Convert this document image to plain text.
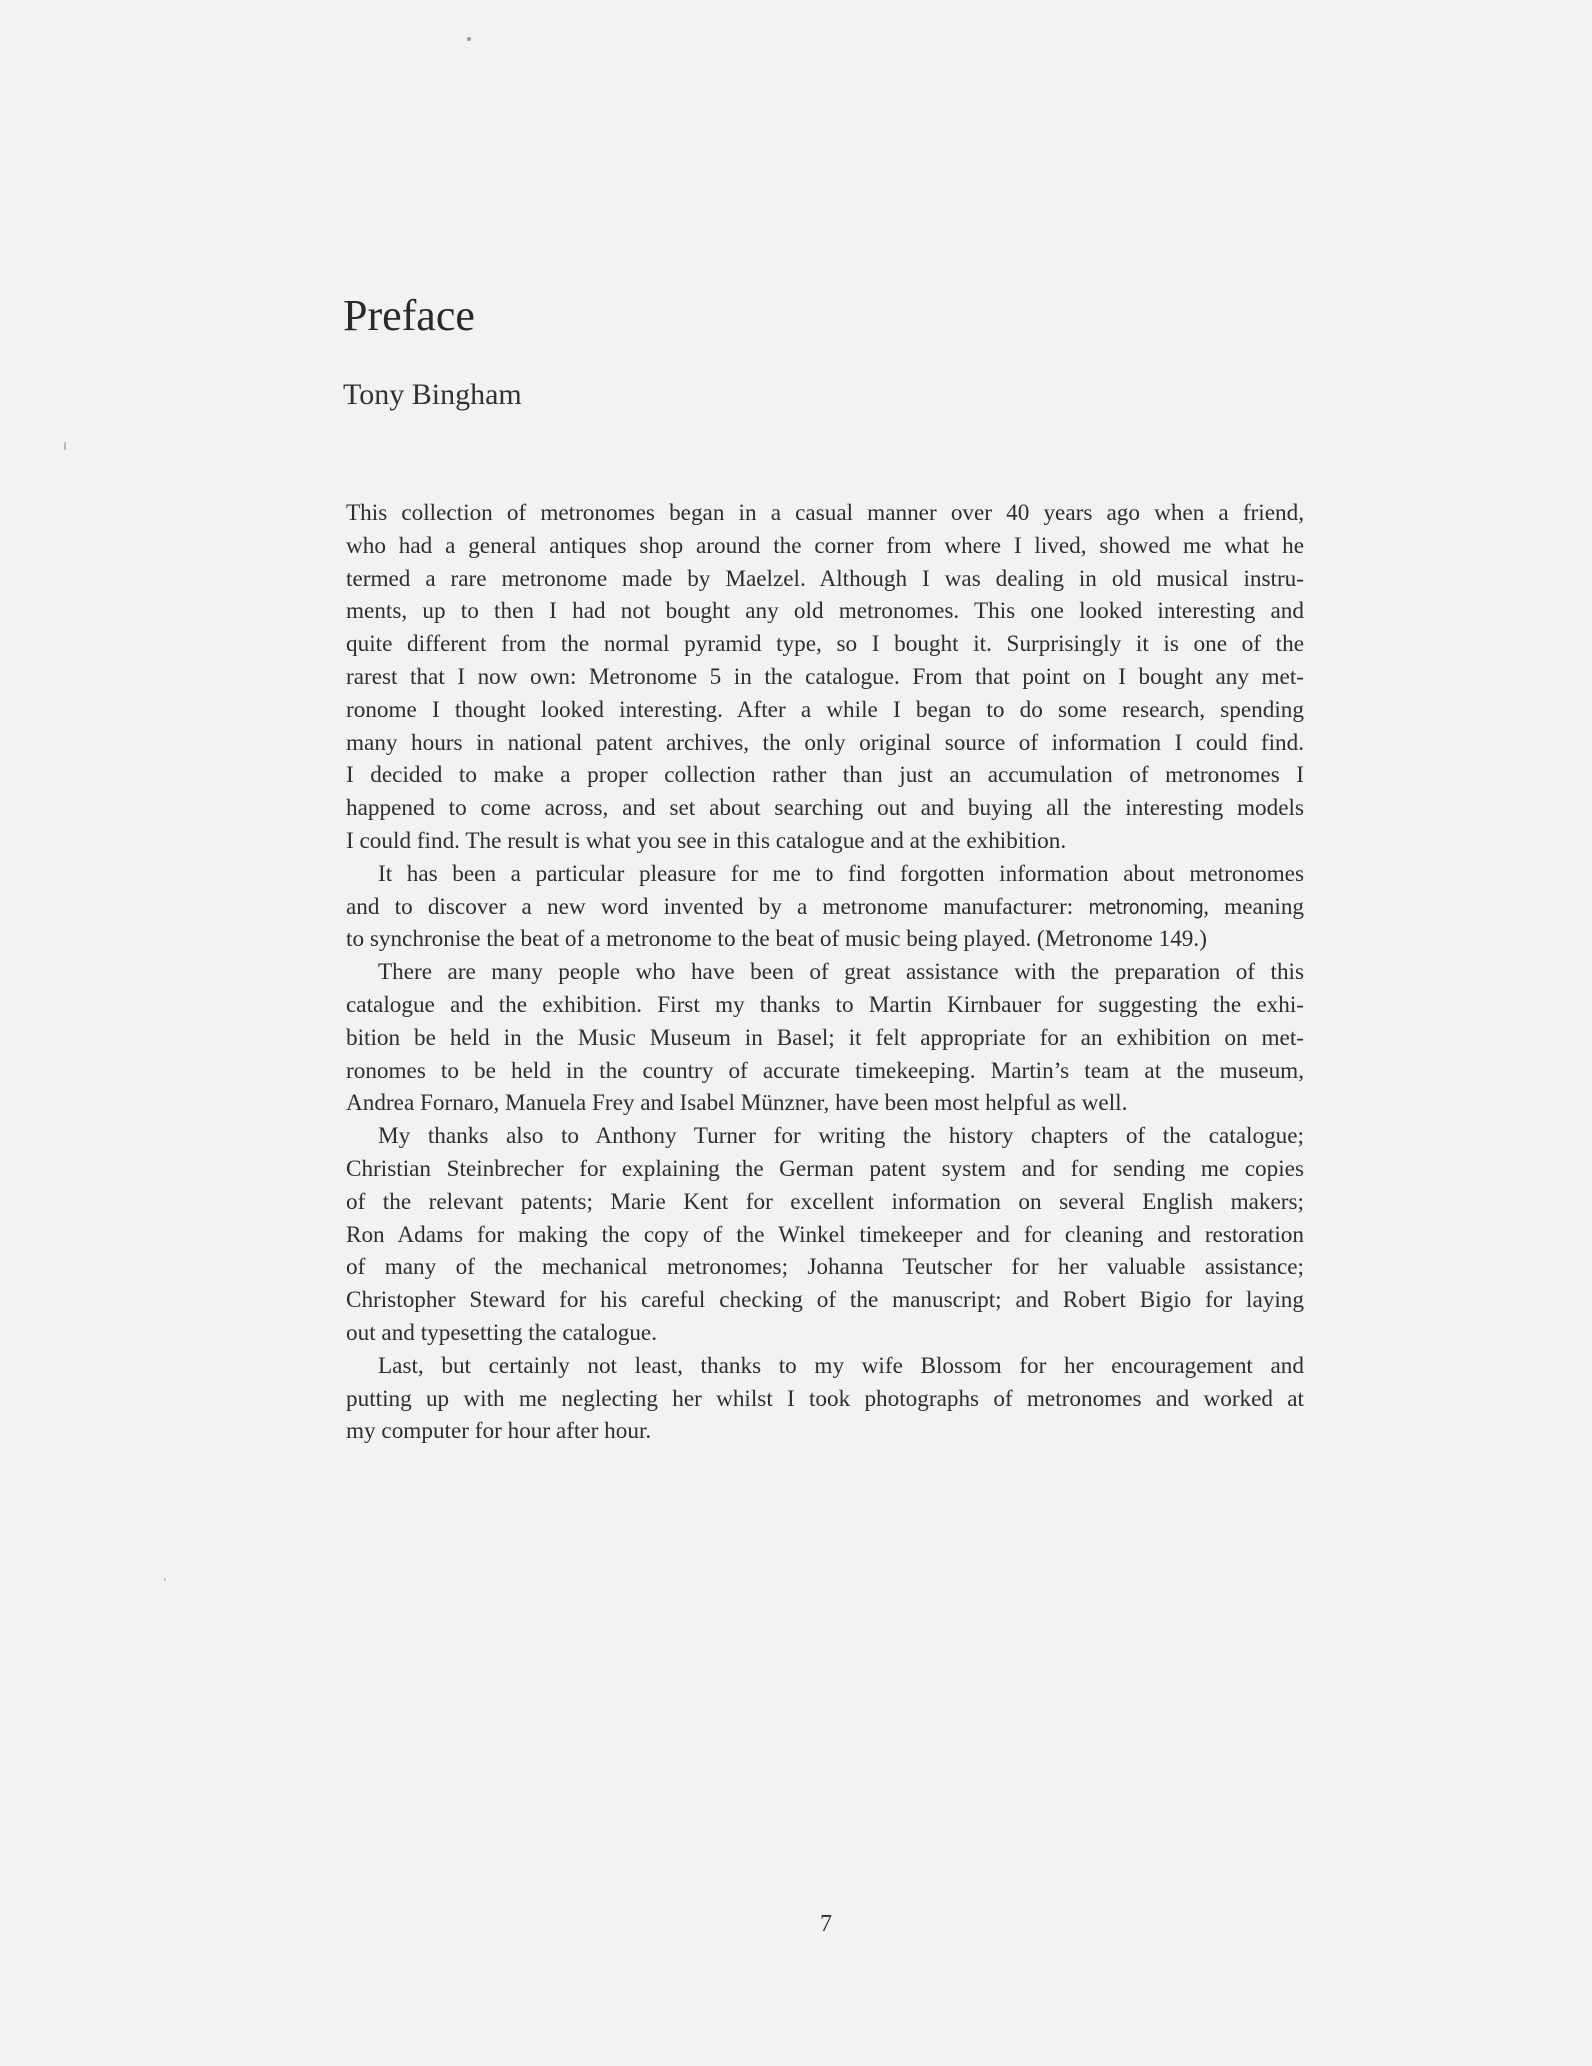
Preface
Tony Bingham
This collection of metronomes began in a casual manner over 40 years ago when a friend,
who had a general antiques shop around the corner from where I lived, showed me what he
termed a rare metronome made by Maelzel. Although I was dealing in old musical instru-
ments, up to then I had not bought any old metronomes. This one looked interesting and
quite different from the normal pyramid type, so I bought it. Surprisingly it is one of the
rarest that I now own: Metronome 5 in the catalogue. From that point on I bought any met-
ronome I thought looked interesting. After a while I began to do some research, spending
many hours in national patent archives, the only original source of information I could find.
I decided to make a proper collection rather than just an accumulation of metronomes I
happened to come across, and set about searching out and buying all the interesting models
I could find. The result is what you see in this catalogue and at the exhibition.
It has been a particular pleasure for me to find forgotten information about metronomes
and to discover a new word invented by a metronome manufacturer: metronoming, meaning
to synchronise the beat of a metronome to the beat of music being played. (Metronome 149.)
There are many people who have been of great assistance with the preparation of this
catalogue and the exhibition. First my thanks to Martin Kirnbauer for suggesting the exhi-
bition be held in the Music Museum in Basel; it felt appropriate for an exhibition on met-
ronomes to be held in the country of accurate timekeeping. Martin’s team at the museum,
Andrea Fornaro, Manuela Frey and Isabel Münzner, have been most helpful as well.
My thanks also to Anthony Turner for writing the history chapters of the catalogue;
Christian Steinbrecher for explaining the German patent system and for sending me copies
of the relevant patents; Marie Kent for excellent information on several English makers;
Ron Adams for making the copy of the Winkel timekeeper and for cleaning and restoration
of many of the mechanical metronomes; Johanna Teutscher for her valuable assistance;
Christopher Steward for his careful checking of the manuscript; and Robert Bigio for laying
out and typesetting the catalogue.
Last, but certainly not least, thanks to my wife Blossom for her encouragement and
putting up with me neglecting her whilst I took photographs of metronomes and worked at
my computer for hour after hour.
7
